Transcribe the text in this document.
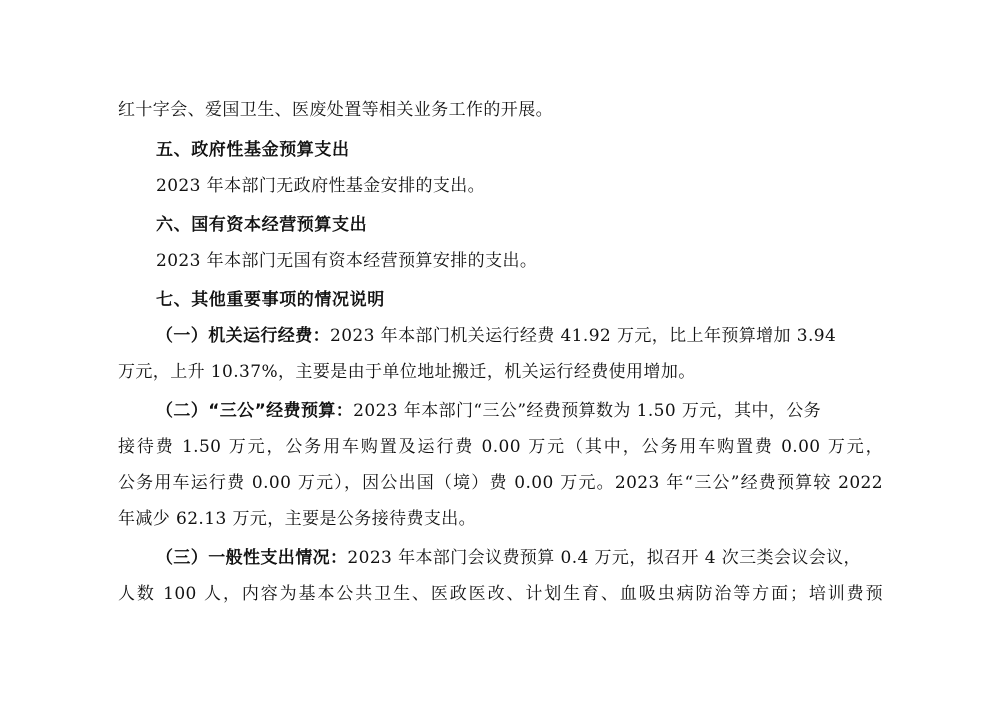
红十字会、爱国卫生、医废处置等相关业务工作的开展。
五、政府性基金预算支出
2023 年本部门无政府性基金安排的支出。
六、国有资本经营预算支出
2023 年本部门无国有资本经营预算安排的支出。
七、其他重要事项的情况说明
（一）机关运行经费：2023 年本部门机关运行经费 41.92 万元，比上年预算增加 3.94
万元，上升 10.37%，主要是由于单位地址搬迁，机关运行经费使用增加。
（二）“三公”经费预算：2023 年本部门“三公”经费预算数为 1.50 万元，其中，公务
接待费 1.50 万元，公务用车购置及运行费 0.00 万元（其中，公务用车购置费 0.00 万元，
公务用车运行费 0.00 万元），因公出国（境）费 0.00 万元。2023 年“三公”经费预算较 2022
年减少 62.13 万元，主要是公务接待费支出。
（三）一般性支出情况：2023 年本部门会议费预算 0.4 万元，拟召开 4 次三类会议会议，
人数 100 人，内容为基本公共卫生、医政医改、计划生育、血吸虫病防治等方面；培训费预
